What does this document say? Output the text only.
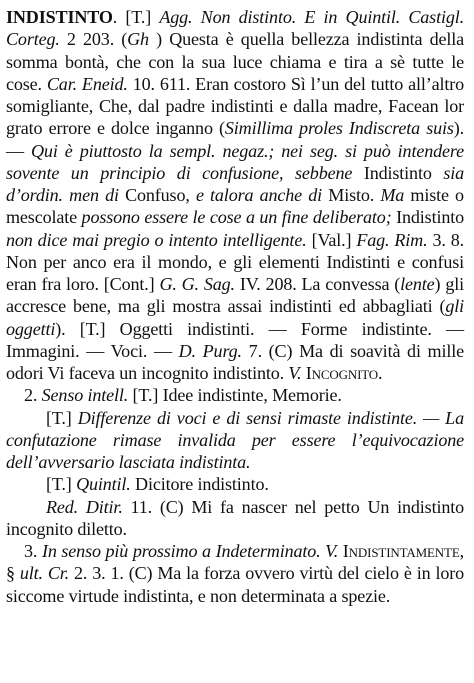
INDISTINTO. [T.] Agg. Non distinto. E in Quintil. Castigl. Corteg. 2 203. (Gh ) Questa è quella bellezza indistinta della somma bontà, che con la sua luce chiama e tira a sè tutte le cose. Car. Eneid. 10. 611. Eran costoro Sì l’un del tutto all’altro somigliante, Che, dal padre indistinti e dalla madre, Facean lor grato errore e dolce inganno (Simillima proles Indiscreta suis). — Qui è piuttosto la sempl. negaz.; nei seg. si può intendere sovente un principio di confusione, sebbene Indistinto sia d’ordin. men di Confuso, e talora anche di Misto. Ma miste o mescolate possono essere le cose a un fine deliberato; Indistinto non dice mai pregio o intento intelligente. [Val.] Fag. Rim. 3. 8. Non per anco era il mondo, e gli elementi Indistinti e confusi eran fra loro. [Cont.] G. G. Sag. IV. 208. La convessa (lente) gli accresce bene, ma gli mostra assai indistinti ed abbagliati (gli oggetti). [T.] Oggetti indistinti. — Forme indistinte. — Immagini. — Voci. — D. Purg. 7. (C) Ma di soavità di mille odori Vi faceva un incognito indistinto. V. Incognito.

2. Senso intell. [T.] Idee indistinte, Memorie.

[T.] Differenze di voci e di sensi rimaste indistinte. — La confutazione rimase invalida per essere l’equivocazione dell’avversario lasciata indistinta.

[T.] Quintil. Dicitore indistinto.

Red. Ditir. 11. (C) Mi fa nascer nel petto Un indistinto incognito diletto.

3. In senso più prossimo a Indeterminato. V. Indistintamente, § ult. Cr. 2. 3. 1. (C) Ma la forza ovvero virtù del cielo è in loro siccome virtude indistinta, e non determinata a spezie.
